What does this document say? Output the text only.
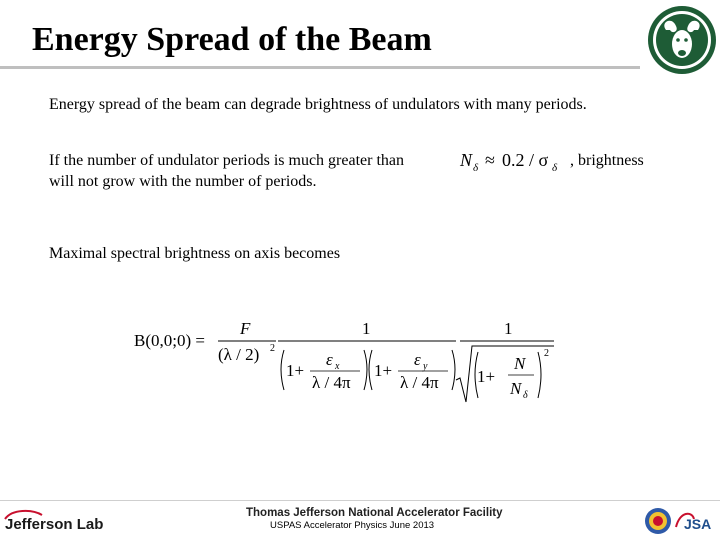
Energy Spread of the Beam
Energy spread of the beam can degrade brightness of undulators with many periods.
If the number of undulator periods is much greater than	N δ ≈ 0.2 / σ δ , brightness
will not grow with the number of periods.
Maximal spectral brightness on axis becomes
B(0,0;0) =
F
(λ / 2) 2
1
1+
ε x
λ / 4π
1+
ε y
λ / 4π
1
1+
N
N δ
2
Jefferson Lab
Thomas Jefferson National Accelerator Facility
USPAS Accelerator Physics June 2013	JSA
